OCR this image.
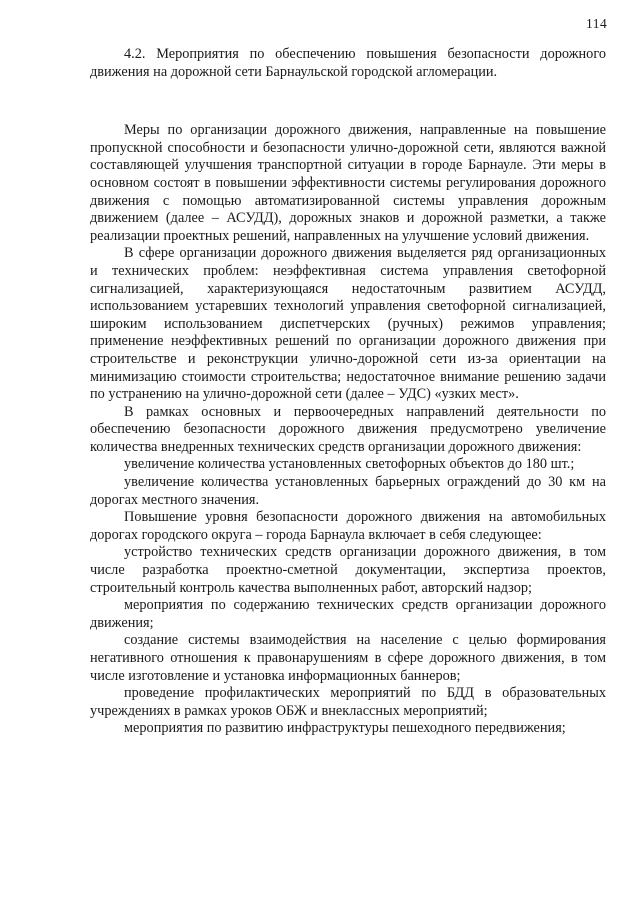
114
4.2. Мероприятия по обеспечению повышения безопасности дорожного движения на дорожной сети Барнаульской городской агломерации.

Меры по организации дорожного движения, направленные на повышение пропускной способности и безопасности улично-дорожной сети, являются важной составляющей улучшения транспортной ситуации в городе Барнауле. Эти меры в основном состоят в повышении эффективности системы регулирования дорожного движения с помощью автоматизированной системы управления дорожным движением (далее – АСУДД), дорожных знаков и дорожной разметки, а также реализации проектных решений, направленных на улучшение условий движения.

В сфере организации дорожного движения выделяется ряд организационных и технических проблем: неэффективная система управления светофорной сигнализацией, характеризующаяся недостаточным развитием АСУДД, использованием устаревших технологий управления светофорной сигнализацией, широким использованием диспетчерских (ручных) режимов управления; применение неэффективных решений по организации дорожного движения при строительстве и реконструкции улично-дорожной сети из-за ориентации на минимизацию стоимости строительства; недостаточное внимание решению задачи по устранению на улично-дорожной сети (далее – УДС) «узких мест».

В рамках основных и первоочередных направлений деятельности по обеспечению безопасности дорожного движения предусмотрено увеличение количества внедренных технических средств организации дорожного движения:

увеличение количества установленных светофорных объектов до 180 шт.;

увеличение количества установленных барьерных ограждений до 30 км на дорогах местного значения.

Повышение уровня безопасности дорожного движения на автомобильных дорогах городского округа – города Барнаула включает в себя следующее:

устройство технических средств организации дорожного движения, в том числе разработка проектно-сметной документации, экспертиза проектов, строительный контроль качества выполненных работ, авторский надзор;

мероприятия по содержанию технических средств организации дорожного движения;

создание системы взаимодействия на население с целью формирования негативного отношения к правонарушениям в сфере дорожного движения, в том числе изготовление и установка информационных баннеров;

проведение профилактических мероприятий по БДД в образовательных учреждениях в рамках уроков ОБЖ и внеклассных мероприятий;

мероприятия по развитию инфраструктуры пешеходного передвижения;
